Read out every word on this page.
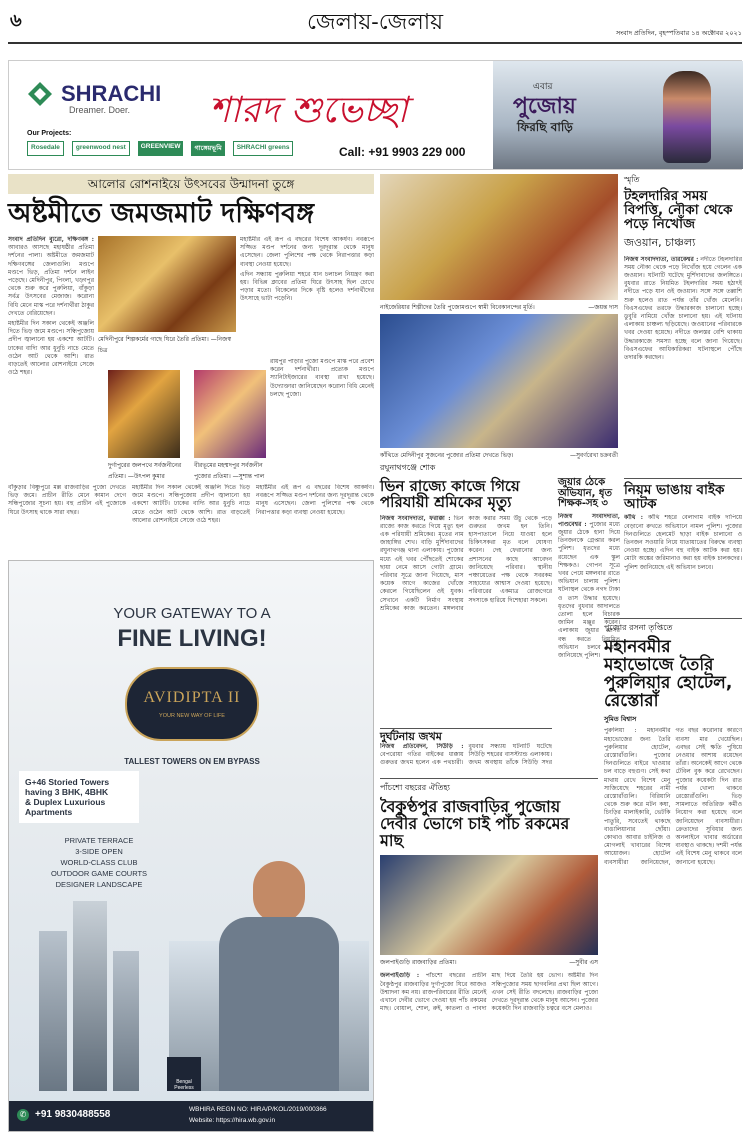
৬	জেলায়-জেলায়	সংবাদ প্রতিদিন, বৃহস্পতিবার ১৪ অক্টোবর ২০২১
SHRACHI
Dreamer. Doer.
Our Projects:
Rosedale	greenwood nest	GREENVIEW	গাঙ্গেয়ভূমি	SHRACHI greens
শারদ শুভেচ্ছা
Call: +91 9903 229 000
এবার
পুজোয়
ফিরছি বাড়ি
আলোর রোশনাইয়ে উৎসবের উন্মাদনা তুঙ্গে
অষ্টমীতে জমজমাট দক্ষিণবঙ্গ

সংবাদ প্রতিদিন ব্যুরো, দক্ষিণবঙ্গ : আবারও আসছে মহাষষ্ঠীর প্রতিমা দর্শনের পালা। অষ্টমীতে জমজমাট দক্ষিণবঙ্গের জেলাগুলি। মণ্ডপে মণ্ডপে ভিড়, প্রতিমা দর্শনে লাইন পড়েছে। মেদিনীপুর, পিংলা, খড়্গপুর থেকে শুরু করে পুরুলিয়া, বাঁকুড়া সর্বত্র উৎসবের মেজাজ। করোনা বিধি মেনে মাস্ক পরে দর্শনার্থীরা ঠাকুর দেখতে বেরিয়েছেন।

মহাষ্টমীর দিন সকাল থেকেই অঞ্জলি দিতে ভিড় জমে মণ্ডপে। সন্ধিপুজোয় প্রদীপ জ্বালানো হয় একশো আটটি। ঢাকের বাদ্যি আর ধুনুচি নাচে মেতে ওঠেন আট থেকে আশি। রাত বাড়তেই আলোর রোশনাইয়ে সেজে ওঠে শহর।

মেদিনীপুরে শিল্পকর্মের গাছে ঘিরে তৈরি প্রতিমা। —নিজস্ব চিত্র

মহাষ্টমীর এই রূপ এ বছরের বিশেষ আকর্ষণ। নবরূপে সজ্জিত মণ্ডপ দর্শনের জন্য দূরদূরান্ত থেকে মানুষ এসেছেন। জেলা পুলিশের পক্ষ থেকে নিরাপত্তার কড়া ব্যবস্থা নেওয়া হয়েছে।

এদিন সন্ধ্যায় পুরুলিয়া শহরে যান চলাচল নিয়ন্ত্রণ করা হয়। বিভিন্ন ক্লাবের প্রতিমা ঘিরে উৎসাহ ছিল চোখে পড়ার মতো। বিকেলের দিকে বৃষ্টি হলেও দর্শনার্থীদের উৎসাহে ভাটা পড়েনি।

দুর্গাপুরের জলপথে সর্বজনীনের প্রতিমা। —উৎপল কুমার
বীরভূমের মহম্মদপুর সর্বজনীন পুজোর প্রতিমা। —সুশান্ত পাল

রায়পুর পাড়ার পুজো মণ্ডপে মাস্ক পরে প্রবেশ করেন দর্শনার্থীরা। প্রত্যেক মণ্ডপে স্যানিটাইজারের ব্যবস্থা রাখা হয়েছে। উদ্যোক্তারা জানিয়েছেন করোনা বিধি মেনেই চলছে পুজো।

বাঁকুড়ার বিষ্ণুপুরে মল্ল রাজবাড়ির পুজো দেখতে ভিড় জমে। প্রাচীন রীতি মেনে কামান দেগে সন্ধিপুজোর সূচনা হয়। বহু প্রাচীন এই পুজোকে ঘিরে উৎসাহ থাকে সারা বছর।

মহাষ্টমীর দিন সকাল থেকেই অঞ্জলি দিতে ভিড় জমে মণ্ডপে। সন্ধিপুজোয় প্রদীপ জ্বালানো হয় একশো আটটি। ঢাকের বাদ্যি আর ধুনুচি নাচে মেতে ওঠেন আট থেকে আশি। রাত বাড়তেই আলোর রোশনাইয়ে সেজে ওঠে শহর।

মহাষ্টমীর এই রূপ এ বছরের বিশেষ আকর্ষণ। নবরূপে সজ্জিত মণ্ডপ দর্শনের জন্য দূরদূরান্ত থেকে মানুষ এসেছেন। জেলা পুলিশের পক্ষ থেকে নিরাপত্তার কড়া ব্যবস্থা নেওয়া হয়েছে।

YOUR GATEWAY TO A
FINE LIVING!
AVIDIPTA II
YOUR NEW WAY OF LIFE
TALLEST TOWERS ON EM BYPASS
G+46 Storied Towers
having 3 BHK, 4BHK
& Duplex Luxurious
Apartments
PRIVATE TERRACE
3-SIDE OPEN
WORLD-CLASS CLUB
OUTDOOR GAME COURTS
DESIGNER LANDSCAPE
Bengal Peerless
✆ +91 9830488558	WBHIRA REGN NO: HIRA/P/KOL/2019/000366
Website: https://hira.wb.gov.in
নাইজেরিয়ার শিল্পীদের তৈরি পুজোমণ্ডপে স্বামী বিবেকানন্দের মূর্তি।	—জয়ন্ত দাস
কাঁথিতে মেদিনীপুর সুজনের পুজোর প্রতিমা দেখতে ভিড়।	—সুবর্ণরেখা চক্রবর্তী
স্মৃতি
টহলদারির সময় বিপত্তি, নৌকা থেকে পড়ে নিখোঁজ
জওয়ান, চাঞ্চল্য

নিজস্ব সংবাদদাতা, তারকেশ্বর : নদীতে টহলদারির সময় নৌকা থেকে পড়ে নিখোঁজ হয়ে গেলেন এক জওয়ান। ঘটনাটি ঘটেছে মুর্শিদাবাদের জলঙ্গিতে। বুধবার রাতে নিয়মিত টহলদারির সময় হঠাৎই নদীতে পড়ে যান ওই জওয়ান। সঙ্গে সঙ্গে তল্লাশি শুরু হলেও রাত পর্যন্ত তাঁর খোঁজ মেলেনি। বিএসএফের তরফে উদ্ধারকাজ চালানো হচ্ছে। ডুবুরি নামিয়ে খোঁজ চালানো হয়। এই ঘটনায় এলাকায় চাঞ্চল্য ছড়িয়েছে। জওয়ানের পরিবারকে খবর দেওয়া হয়েছে। নদীতে জলস্তর বেশি থাকায় উদ্ধারকাজে সমস্যা হচ্ছে বলে জানা গিয়েছে। বিএসএফের আধিকারিকরা ঘটনাস্থলে পৌঁছে তদারকি করছেন।

নিয়ম ভাঙায় বাইক আটক

কাঁথি : কাঁথি শহরে বেলাগাম বাইক দাপিয়ে বেড়ানো রুখতে অভিযানে নামল পুলিশ। পুজোর দিনগুলিতে হেলমেট ছাড়া বাইক চালানো ও তিনজন সওয়ারি নিয়ে যাতায়াতের বিরুদ্ধে ব্যবস্থা নেওয়া হচ্ছে। এদিন বহু বাইক আটক করা হয়। মোটা অঙ্কের জরিমানাও করা হয় বাইক চালকদের। পুলিশ জানিয়েছে এই অভিযান চলবে।

রঘুনাথগঞ্জে শোক
ভিন রাজ্যে কাজে গিয়ে পরিযায়ী শ্রমিকের মৃত্যু

নিজস্ব সংবাদদাতা, ফরাক্কা : ভিন রাজ্যে কাজ করতে গিয়ে মৃত্যু হল এক পরিযায়ী শ্রমিকের। মৃতের নাম জাহাঙ্গির শেখ। বাড়ি মুর্শিদাবাদের রঘুনাথগঞ্জ থানা এলাকায়। পুজোর মধ্যে এই খবর পৌঁছতেই শোকের ছায়া নেমে আসে গোটা গ্রামে। পরিবার সূত্রে জানা গিয়েছে, মাস কয়েক আগে কাজের খোঁজে কেরলে গিয়েছিলেন ওই যুবক। সেখানে একটি নির্মাণ সংস্থায় শ্রমিকের কাজ করতেন। মঙ্গলবার কাজ করার সময় উঁচু থেকে পড়ে গুরুতর জখম হন তিনি। হাসপাতালে নিয়ে যাওয়া হলে চিকিৎসকরা মৃত বলে ঘোষণা করেন। দেহ ফেরানোর জন্য প্রশাসনের কাছে আবেদন জানিয়েছে পরিবার। স্থানীয় পঞ্চায়েতের পক্ষ থেকে সবরকম সাহায্যের আশ্বাস দেওয়া হয়েছে। পরিবারের একমাত্র রোজগেরে সদস্যকে হারিয়ে দিশেহারা সকলে।

দুর্ঘটনায় জখম

নিজস্ব প্রতিবেদন, সিউড়ি : বেপরোয়া গতির বাইকের ধাক্কায় গুরুতর জখম হলেন এক পথচারী। বুধবার সন্ধ্যায় ঘটনাটি ঘটেছে সিউড়ি শহরের বাসস্ট্যান্ড এলাকায়। জখম অবস্থায় তাঁকে সিউড়ি সদর

জুয়ার ঠেকে অভিযান, ধৃত শিক্ষক-সহ ৩

নিজস্ব সংবাদদাতা, পাণ্ডবেশ্বর : পুজোর মধ্যে জুয়ার ঠেকে হানা দিয়ে তিনজনকে গ্রেপ্তার করল পুলিশ। ধৃতদের মধ্যে রয়েছেন এক স্কুল শিক্ষকও। গোপন সূত্রে খবর পেয়ে মঙ্গলবার রাতে অভিযান চালায় পুলিশ। ঘটনাস্থল থেকে নগদ টাকা ও তাস উদ্ধার হয়েছে। ধৃতদের বুধবার আদালতে তোলা হলে বিচারক জামিন মঞ্জুর করেন। এলাকায় জুয়ার আসর বন্ধ করতে নিয়মিত অভিযান চলবে বলে জানিয়েছে পুলিশ।

পাঁচশো বছরের ঐতিহ্য
বৈকুণ্ঠপুর রাজবাড়ির পুজোয় দেবীর ভোগে চাই পাঁচ রকমের মাছ
জলপাইগুড়ি রাজবাড়ির প্রতিমা।	—সুবীর এস

জলপাইগুড়ি : পাঁচশো বছরের প্রাচীন বৈকুণ্ঠপুর রাজবাড়ির দুর্গাপুজো ঘিরে আজও উন্মাদনা কম নয়। রাজপরিবারের রীতি মেনেই এখানে দেবীর ভোগে দেওয়া হয় পাঁচ রকমের মাছ। বোয়াল, শোল, রুই, কাতলা ও পাবদা মাছ দিয়ে তৈরি হয় ভোগ। অষ্টমীর দিন সন্ধিপুজোর সময় ছাগবলির প্রথা ছিল আগে। এখন সেই রীতি বদলেছে। রাজবাড়ির পুজো দেখতে দূরদূরান্ত থেকে মানুষ আসেন। পুজোর কয়েকটা দিন রাজবাড়ি চত্বরে বসে মেলাও।

পুজোর রসনা তৃপ্তিতে
মহানবমীর মহাভোজে তৈরি পুরুলিয়ার হোটেল, রেস্তোরাঁ
সুমিত বিশ্বাস

পুরুলিয়া : মহানবমীর মহাভোজের জন্য তৈরি পুরুলিয়ার হোটেল, রেস্তোরাঁগুলি। পুজোর দিনগুলিতে বাইরে খাওয়ার চল বাড়ে বহুগুণ। সেই কথা মাথায় রেখে বিশেষ মেনু সাজিয়েছে শহরের নামী রেস্তোরাঁগুলি। বিরিয়ানি থেকে শুরু করে মটন কষা, চিংড়ির মালাইকারি, ভেটকি পাতুরি, সবেতেই থাকছে বাঙালিয়ানার ছোঁয়া। কোথাও আবার চাইনিজ ও মোগলাই খাবারের বিশেষ আয়োজন। হোটেল ব্যবসায়ীরা জানিয়েছেন, গত বছর করোনার কারণে ব্যবসা মার খেয়েছিল। এবছর সেই ক্ষতি পুষিয়ে নেওয়ার আশায় রয়েছেন তাঁরা। অনেকেই আগে থেকে টেবিল বুক করে রেখেছেন। পুজোর কয়েকটা দিন রাত পর্যন্ত খোলা থাকবে রেস্তোরাঁগুলি। ভিড় সামলাতে অতিরিক্ত কর্মীও নিয়োগ করা হয়েছে বলে জানিয়েছেন ব্যবসায়ীরা। ক্রেতাদের সুবিধার জন্য অনলাইনে খাবার অর্ডারের ব্যবস্থাও থাকছে। দশমী পর্যন্ত এই বিশেষ মেনু থাকবে বলে জানানো হয়েছে।
